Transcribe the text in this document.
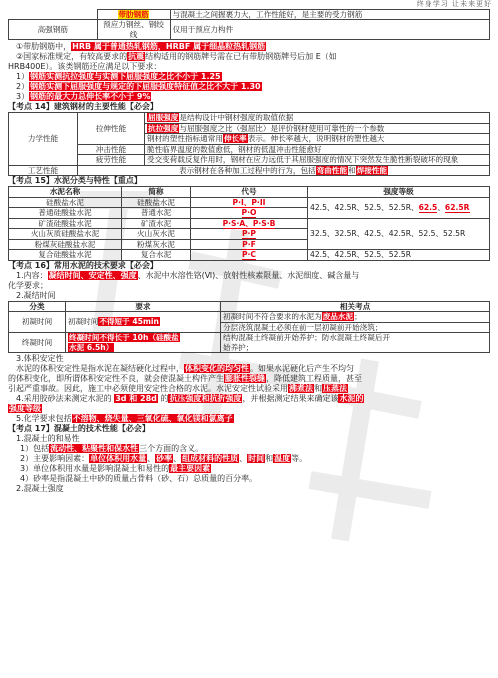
终身学习 让未来更好
	带肋钢筋	与混凝土之间握裹力大，工作性能好，是主要的受力钢筋
高强钢筋	预应力钢丝、钢绞线	仅用于预应力构件
①带肋钢筋中，HRB 属于普通热轧钢筋，HRBF 属于细晶粒热轧钢筋
②国家标准规定，有较高要求的抗震结构适用的钢筋牌号需在已有带肋钢筋牌号后加 E（如
HRB400E）。该类钢筋还应满足以下要求：
1）钢筋实测抗拉强度与实测下屈服强度之比不小于 1.25
2）钢筋实测下屈服强度与规定的下屈服强度特征值之比不大于 1.30
3）钢筋的最大力总伸长率不小于 9%
【考点 14】建筑钢材的主要性能【必会】
力学性能	拉伸性能	屈服强度是结构设计中钢材强度的取值依据
		抗拉强度与屈服强度之比（强屈比）是评价钢材使用可靠性的一个参数
		钢材的塑性指标通常用伸长率表示。伸长率越大，说明钢材的塑性越大
	冲击性能	脆性临界温度的数值愈低，钢材的低温冲击性能愈好
	疲劳性能	受交变荷载反复作用时，钢材在应力远低于其屈服强度的情况下突然发生脆性断裂破坏的现象

工艺性能	表示钢材在各种加工过程中的行为，包括弯曲性能和焊接性能	
【考点 15】水泥分类与特性【重点】
水泥名称	简称	代号	强度等级
硅酸盐水泥	硅酸盐水泥	P·I、P·II	42.5、42.5R、52.5、52.5R、62.5、62.5R
普通硅酸盐水泥	普通水泥	P·O	
矿渣硅酸盐水泥	矿渣水泥	P·S·A、P·S·B	32.5、32.5R、42.5、42.5R、52.5、52.5R
火山灰质硅酸盐水泥	火山灰水泥	P·P	
粉煤灰硅酸盐水泥	粉煤灰水泥	P·F	
复合硅酸盐水泥	复合水泥	P·C	42.5、42.5R、52.5、52.5R
【考点 16】常用水泥的技术要求【必会】
1.内容：凝结时间、安定性、强度、水泥中水溶性铬(Ⅵ)、放射性核素限量、水泥细度、碱含量与
化学要求；
2.凝结时间
分类	要求	相关考点
初凝时间	初凝时间不得短于 45min	初凝时间不符合要求的水泥为废品水泥；
		分层浇筑混凝土必须在前一层初凝前开始浇筑；
终凝时间	终凝时间不得长于 10h（硅酸盐
水泥 6.5h）	结构混凝土终凝前开始养护；防水混凝土终凝后开
始养护；
3.体积安定性
水泥的体积安定性是指水泥在凝结硬化过程中，体积变化的均匀性。如果水泥硬化后产生不均匀
的体积变化，即所谓体积安定性不良，就会使混凝土构件产生膨胀性裂缝，降低建筑工程质量，甚至
引起严重事故。因此，施工中必须使用安定性合格的水泥。水泥安定性试验采用沸煮法和压蒸法
4.采用胶砂法来测定水泥的 3d 和 28d 的抗压强度和抗折强度，并根据测定结果来确定该水泥的
强度等级
5.化学要求包括不溶物、烧失量、三氧化硫、氧化镁和氯离子
【考点 17】混凝土的技术性能【必会】
1.混凝土的和易性
1）包括流动性、粘聚性和保水性三个方面的含义。
2）主要影响因素：单位体积用水量、砂率、组成材料的性质、时间和温度等。
3）单位体积用水量是影响混凝土和易性的最主要因素
4）砂率是指混凝土中砂的质量占骨料（砂、石）总质量的百分率。
2.混凝土强度
